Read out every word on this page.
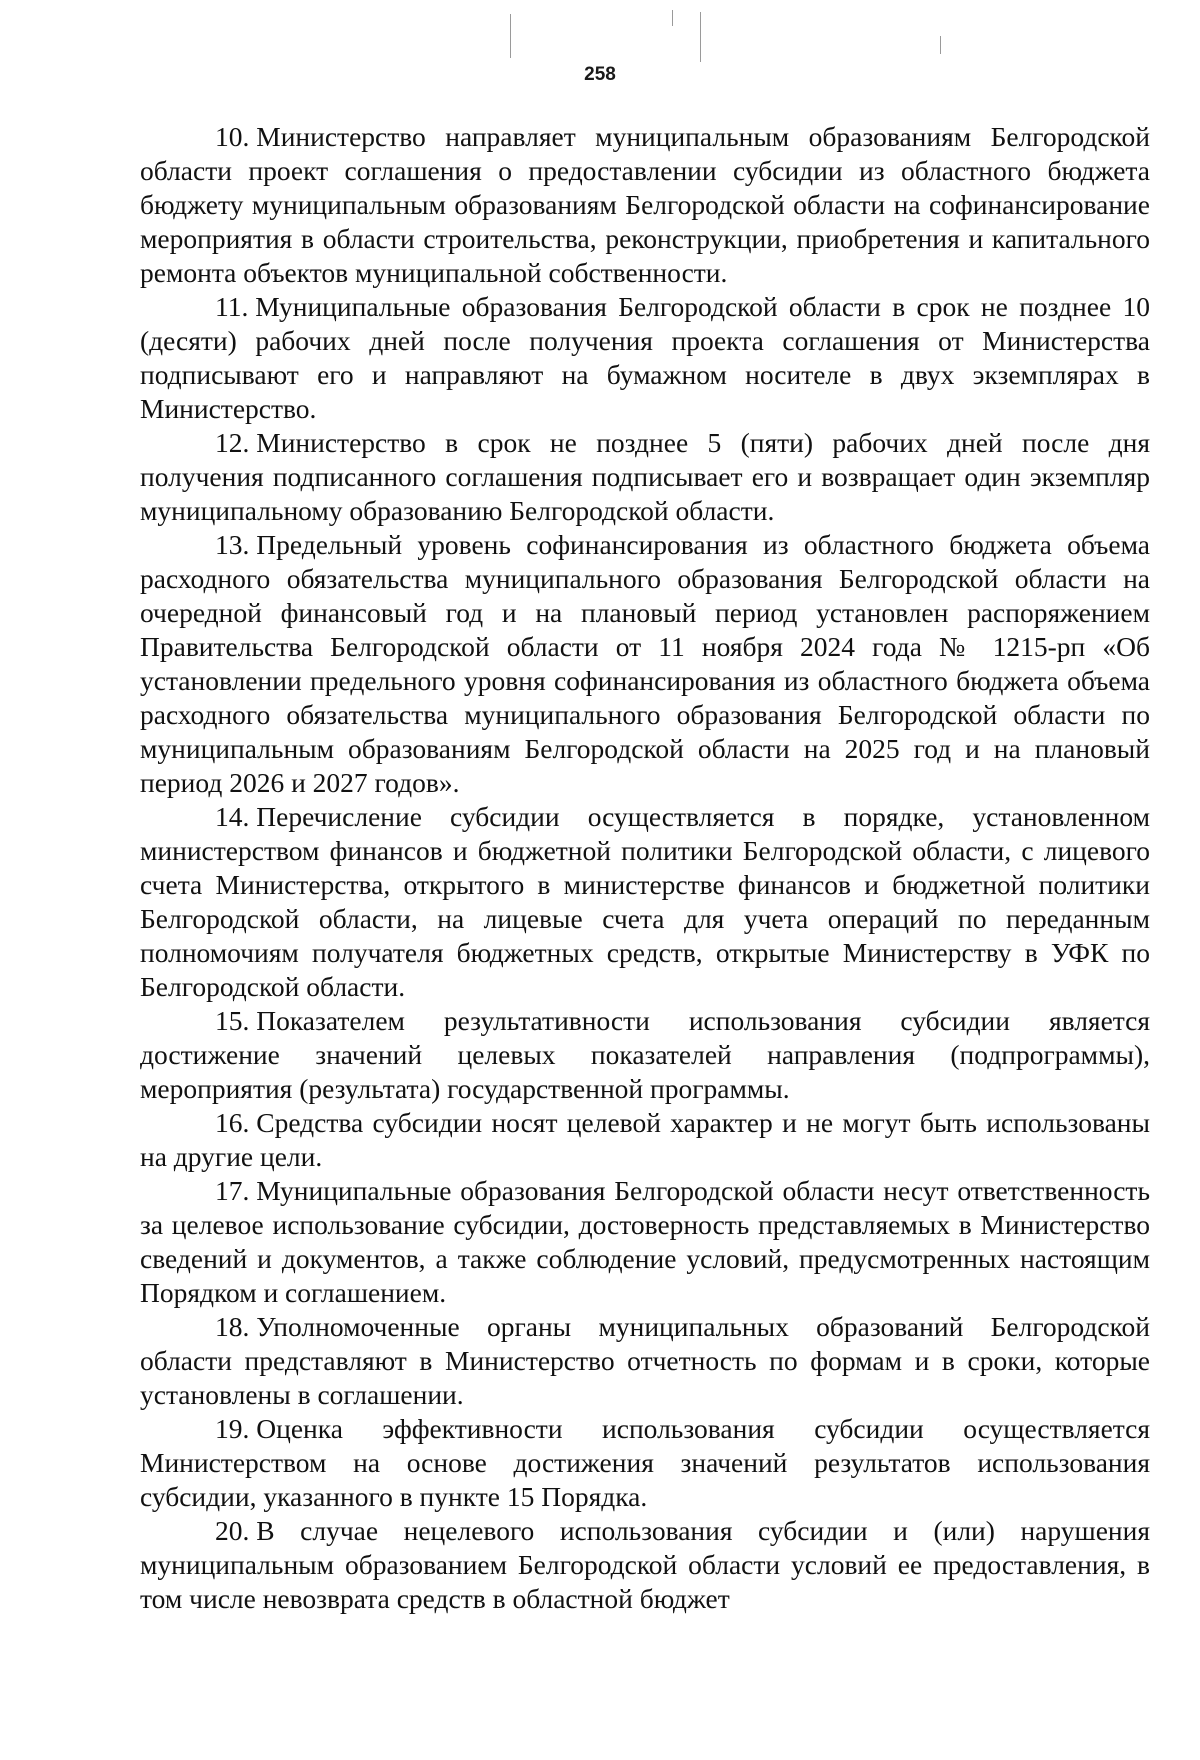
258

10. Министерство направляет муниципальным образованиям Белгородской области проект соглашения о предоставлении субсидии из областного бюджета бюджету муниципальным образованиям Белгородской области на софинансирование мероприятия в области строительства, реконструкции, приобретения и капитального ремонта объектов муниципальной собственности.

11. Муниципальные образования Белгородской области в срок не позднее 10 (десяти) рабочих дней после получения проекта соглашения от Министерства подписывают его и направляют на бумажном носителе в двух экземплярах в Министерство.

12. Министерство в срок не позднее 5 (пяти) рабочих дней после дня получения подписанного соглашения подписывает его и возвращает один экземпляр муниципальному образованию Белгородской области.

13. Предельный уровень софинансирования из областного бюджета объема расходного обязательства муниципального образования Белгородской области на очередной финансовый год и на плановый период установлен распоряжением Правительства Белгородской области от 11 ноября 2024 года № 1215-рп «Об установлении предельного уровня софинансирования из областного бюджета объема расходного обязательства муниципального образования Белгородской области по муниципальным образованиям Белгородской области на 2025 год и на плановый период 2026 и 2027 годов».

14. Перечисление субсидии осуществляется в порядке, установленном министерством финансов и бюджетной политики Белгородской области, с лицевого счета Министерства, открытого в министерстве финансов и бюджетной политики Белгородской области, на лицевые счета для учета операций по переданным полномочиям получателя бюджетных средств, открытые Министерству в УФК по Белгородской области.

15. Показателем результативности использования субсидии является достижение значений целевых показателей направления (подпрограммы), мероприятия (результата) государственной программы.

16. Средства субсидии носят целевой характер и не могут быть использованы на другие цели.

17. Муниципальные образования Белгородской области несут ответственность за целевое использование субсидии, достоверность представляемых в Министерство сведений и документов, а также соблюдение условий, предусмотренных настоящим Порядком и соглашением.

18. Уполномоченные органы муниципальных образований Белгородской области представляют в Министерство отчетность по формам и в сроки, которые установлены в соглашении.

19. Оценка эффективности использования субсидии осуществляется Министерством на основе достижения значений результатов использования субсидии, указанного в пункте 15 Порядка.

20. В случае нецелевого использования субсидии и (или) нарушения муниципальным образованием Белгородской области условий ее предоставления, в том числе невозврата средств в областной бюджет
